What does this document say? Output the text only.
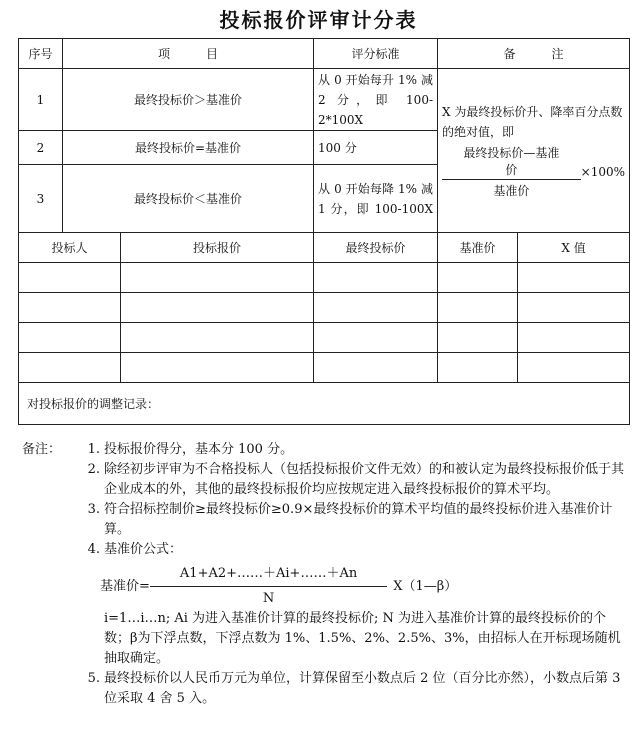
投标报价评审计分表
序号	项　　　目		评分标准	备　　　注	
1	最终投标价＞基准价		从 0 开始每升 1% 减 2 分，即 100-2*100X	X 为最终投标价升、降率百分点数的绝对值，即
$\frac{\text{最终投标价—基准价}}{\text{基准价}} \times 100\%$	

2	最终投标价=基准价		100 分		
3	最终投标价＜基准价		从 0 开始每降 1% 减 1 分，即 100-100X		
投标人		投标报价	最终投标价	基准价	X 值

对投标报价的调整记录：					
备注：	1. 投标报价得分，基本分 100 分。
2. 除经初步评审为不合格投标人（包括投标报价文件无效）的和被认定为最终投标报价低于其企业成本的外，其他的最终投标报价均应按规定进入最终投标报价的算术平均。
3. 符合招标控制价≥最终投标价≥0.9×最终投标价的算术平均值的最终投标价进入基准价计算。
4. 基准价公式：
基准价= $\frac{A1+A2+\dots\dots+Ai+\dots\dots+An}{N}$ X（1—β）
i=1…i…n; Ai 为进入基准价计算的最终投标价; N 为进入基准价计算的最终投标价的个数；β为下浮点数，下浮点数为 1%、1.5%、2%、2.5%、3%，由招标人在开标现场随机抽取确定。
5. 最终投标价以人民币万元为单位，计算保留至小数点后 2 位（百分比亦然），小数点后第 3 位采取 4 舍 5 入。
